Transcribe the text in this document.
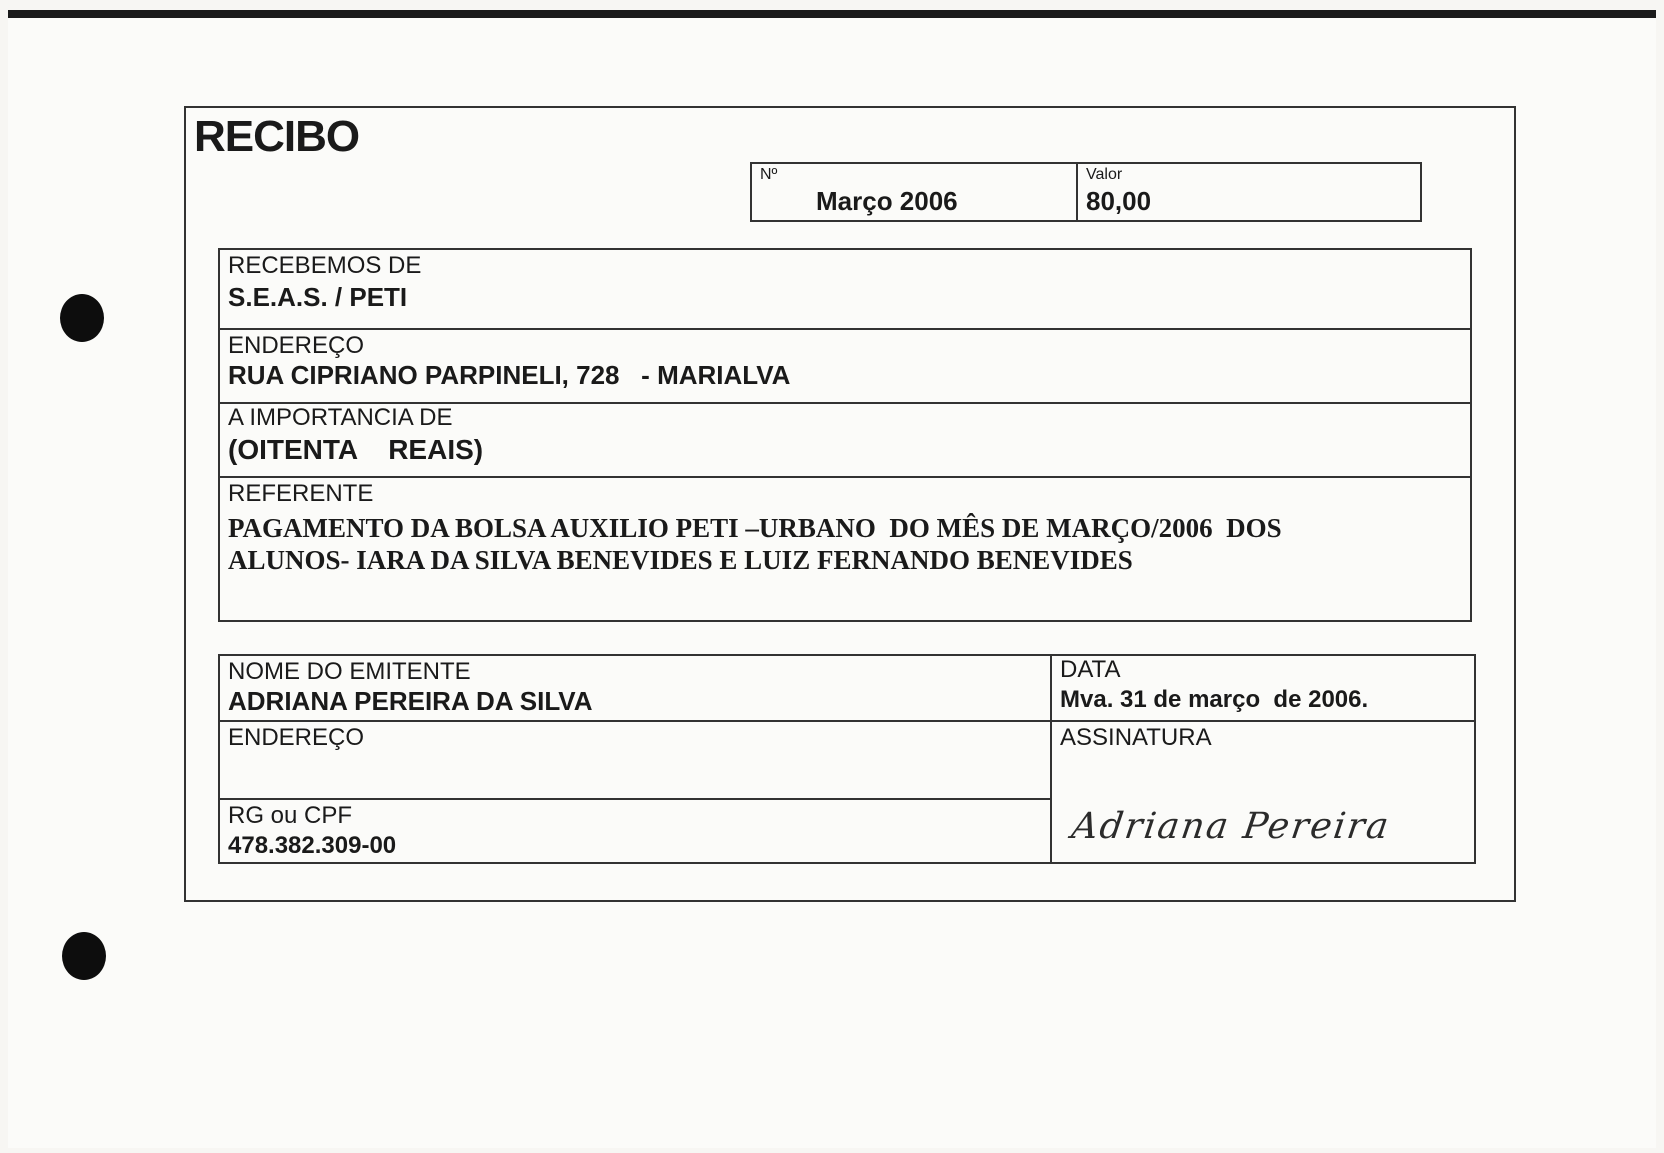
RECIBO
Nº
Março 2006
Valor
80,00
RECEBEMOS DE
S.E.A.S. / PETI
ENDEREÇO
RUA CIPRIANO PARPINELI, 728   - MARIALVA
A IMPORTANCIA DE
(OITENTA    REAIS)
REFERENTE
PAGAMENTO DA BOLSA AUXILIO PETI –URBANO  DO MÊS DE MARÇO/2006  DOS
ALUNOS- IARA DA SILVA BENEVIDES E LUIZ FERNANDO BENEVIDES
NOME DO EMITENTE
ADRIANA PEREIRA DA SILVA
DATA
Mva. 31 de março  de 2006.
ENDEREÇO	ASSINATURA
Adriana Pereira
RG ou CPF
478.382.309-00
